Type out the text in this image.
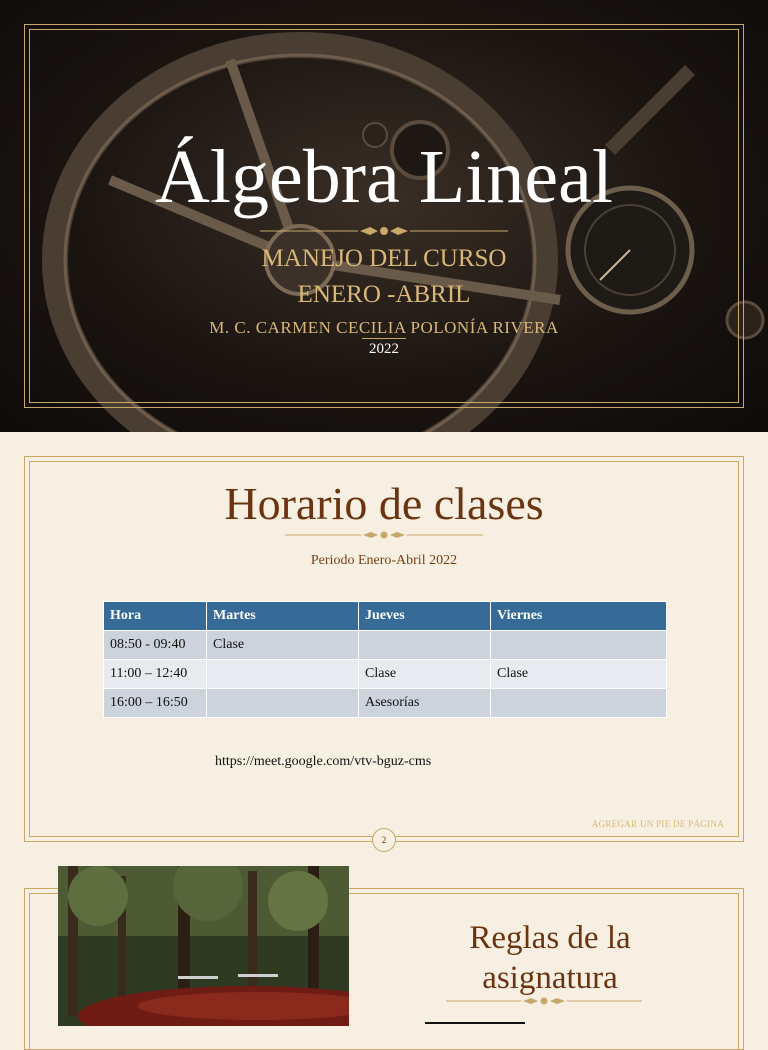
Álgebra Lineal
MANEJO DEL CURSO
ENERO -ABRIL
M. C. CARMEN CECILIA POLONÍA RIVERA
2022
Horario de clases
Periodo Enero-Abril 2022
Hora	Martes	Jueves	Viernes
08:50 - 09:40	Clase		
11:00 – 12:40		Clase	Clase
16:00 – 16:50		Asesorías	
https://meet.google.com/vtv-bguz-cms
AGREGAR UN PIE DE PÁGINA
2
Reglas de la asignatura
